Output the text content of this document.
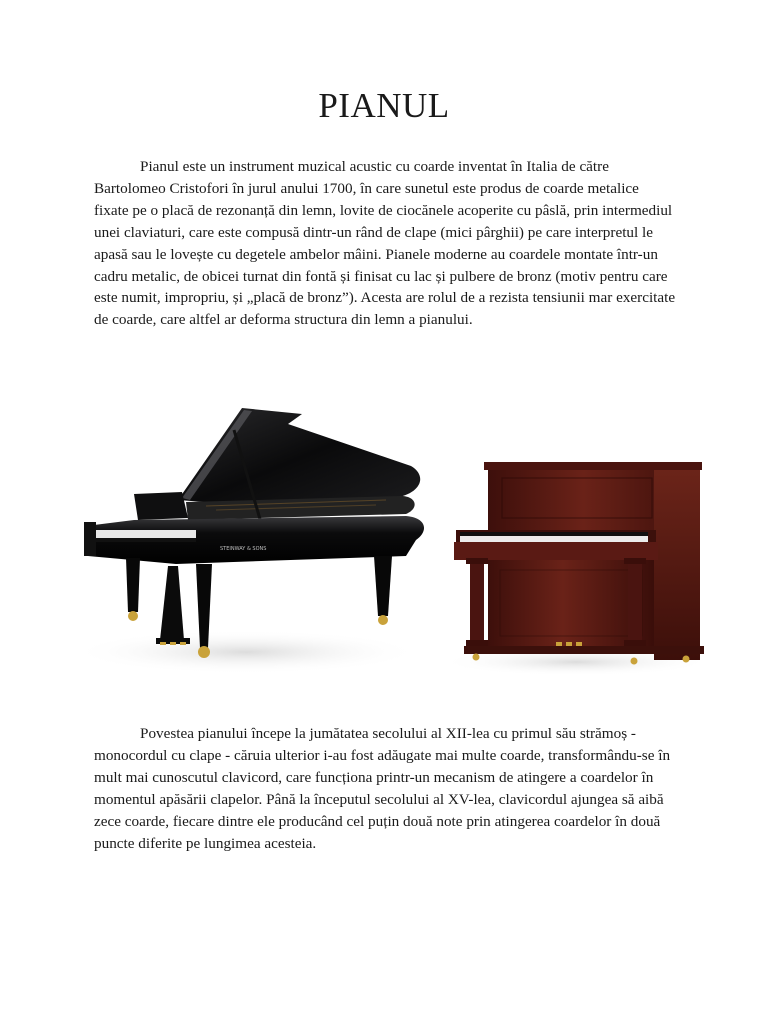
PIANUL

Pianul este un instrument muzical acustic cu coarde inventat în Italia de către Bartolomeo Cristofori în jurul anului 1700, în care sunetul este produs de coarde metalice fixate pe o placă de rezonanță din lemn, lovite de ciocănele acoperite cu pâslă, prin intermediul unei claviaturi, care este compusă dintr-un rând de clape (mici pârghii) pe care interpretul le apasă sau le lovește cu degetele ambelor mâini. Pianele moderne au coardele montate într-un cadru metalic, de obicei turnat din fontă și finisat cu lac și pulbere de bronz (motiv pentru care este numit, impropriu, și „placă de bronz”). Acesta are rolul de a rezista tensiunii mar exercitate de coarde, care altfel ar deforma structura din lemn a pianului.

STEINWAY & SONS

Povestea pianului începe la jumătatea secolului al XII-lea cu primul său strămoș - monocordul cu clape - căruia ulterior i-au fost adăugate mai multe coarde, transformându-se în mult mai cunoscutul clavicord, care funcționa printr-un mecanism de atingere a coardelor în momentul apăsării clapelor. Până la începutul secolului al XV-lea, clavicordul ajungea să aibă zece coarde, fiecare dintre ele producând cel puțin două note prin atingerea coardelor în două puncte diferite pe lungimea acesteia.
